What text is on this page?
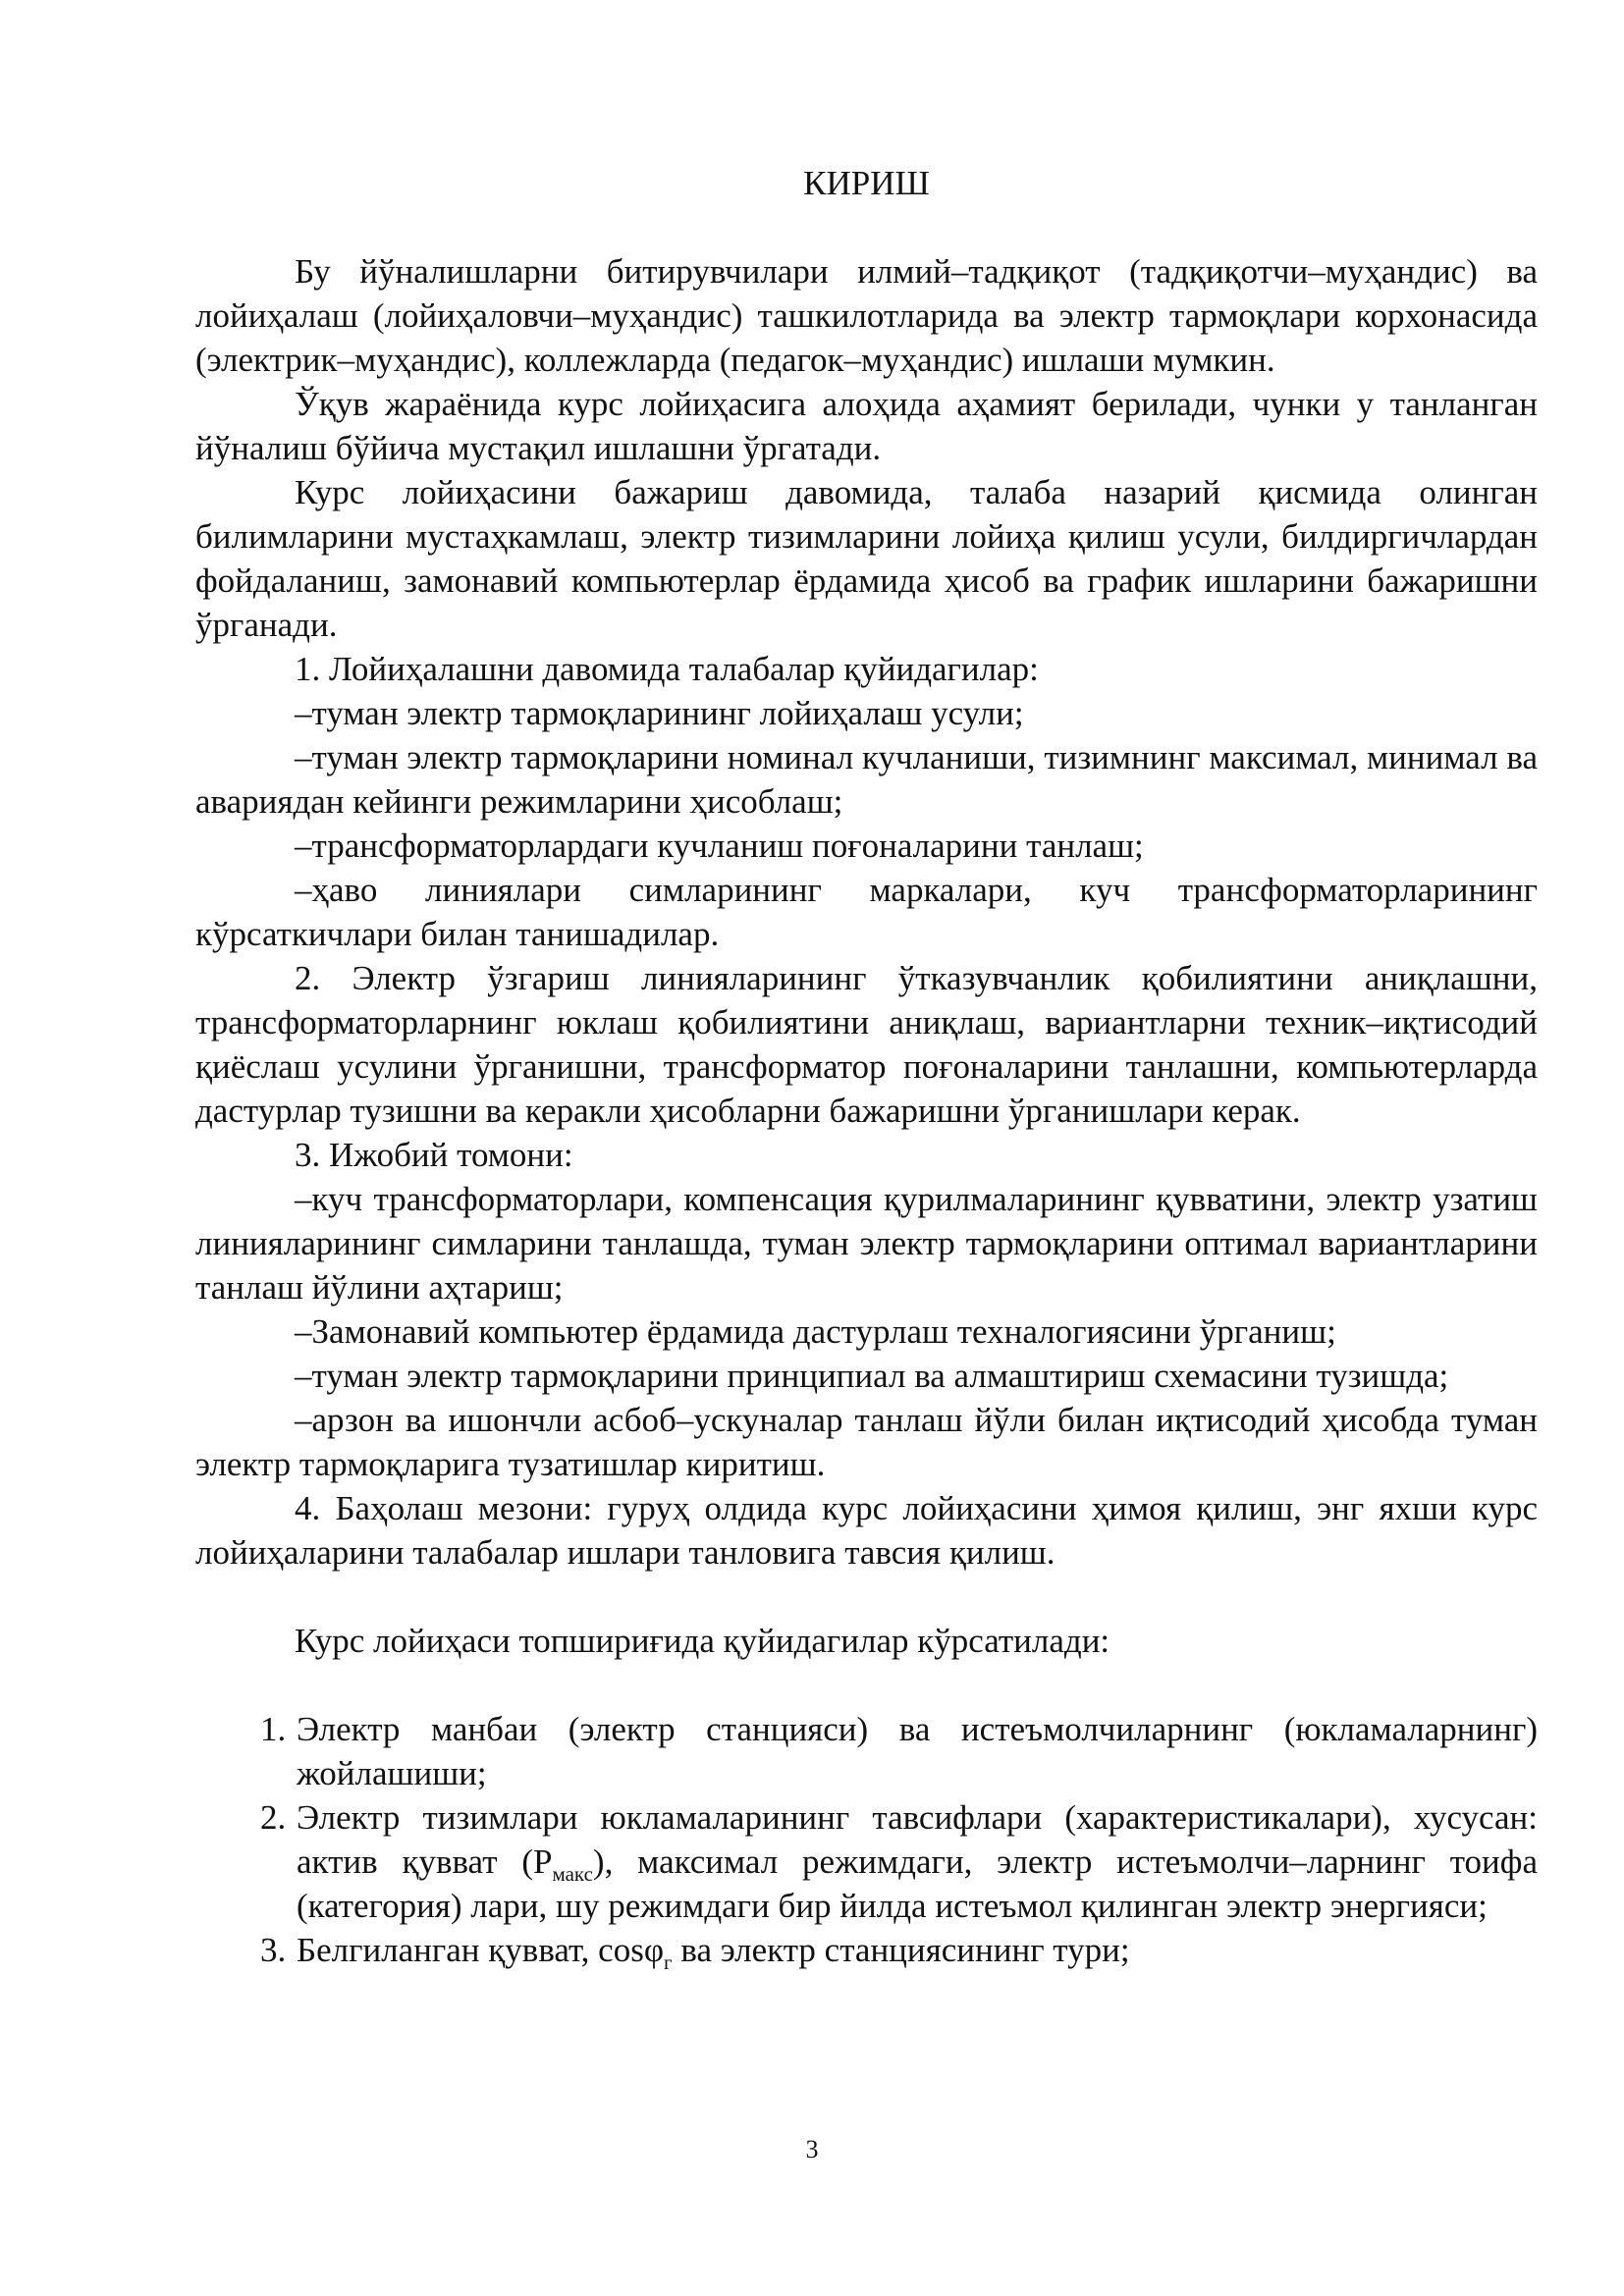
КИРИШ

Бу йўналишларни битирувчилари илмий–тадқиқот (тадқиқотчи–муҳандис) ва лойиҳалаш (лойиҳаловчи–муҳандис) ташкилотларида ва электр тармоқлари корхонасида (электрик–муҳандис), коллежларда (педагок–муҳандис) ишлаши мумкин.

Ўқув жараёнида курс лойиҳасига алоҳида аҳамият берилади, чунки у танланган йўналиш бўйича мустақил ишлашни ўргатади.

Курс лойиҳасини бажариш давомида, талаба назарий қисмида олинган билимларини мустаҳкамлаш, электр тизимларини лойиҳа қилиш усули, билдиргичлардан фойдаланиш, замонавий компьютерлар ёрдамида ҳисоб ва график ишларини бажаришни ўрганади.

1. Лойиҳалашни давомида талабалар қуйидагилар:

–туман электр тармоқларининг лойиҳалаш усули;

–туман электр тармоқларини номинал кучланиши, тизимнинг максимал, минимал ва авариядан кейинги режимларини ҳисоблаш;

–трансформаторлардаги кучланиш поғоналарини танлаш;

–ҳаво линиялари симларининг маркалари, куч трансформаторларининг кўрсаткичлари билан танишадилар.

2. Электр ўзгариш линияларининг ўтказувчанлик қобилиятини аниқлашни, трансформаторларнинг юклаш қобилиятини аниқлаш, вариантларни техник–иқтисодий қиёслаш усулини ўрганишни, трансформатор поғоналарини танлашни, компьютерларда дастурлар тузишни ва керакли ҳисобларни бажаришни ўрганишлари керак.

3. Ижобий томони:

–куч трансформаторлари, компенсация қурилмаларининг қувватини, электр узатиш линияларининг симларини танлашда, туман электр тармоқларини оптимал вариантларини танлаш йўлини аҳтариш;

–Замонавий компьютер ёрдамида дастурлаш техналогиясини ўрганиш;

–туман электр тармоқларини принципиал ва алмаштириш схемасини тузишда;

–арзон ва ишончли асбоб–ускуналар танлаш йўли билан иқтисодий ҳисобда туман электр тармоқларига тузатишлар киритиш.

4. Баҳолаш мезони: гуруҳ олдида курс лойиҳасини ҳимоя қилиш, энг яхши курс лойиҳаларини талабалар ишлари танловига тавсия қилиш.

Курс лойиҳаси топшириғида қуйидагилар кўрсатилади:

1. Электр манбаи (электр станцияси) ва истеъмолчиларнинг (юкламаларнинг) жойлашиши;
2. Электр тизимлари юкламаларининг тавсифлари (характеристикалари), хусусан: актив қувват $(Р_{макс})$, максимал режимдаги, электр истеъмолчи–ларнинг тоифа (категория) лари, шу режимдаги бир йилда истеъмол қилинган электр энергияси;
3. Белгиланган қувват, cosφ$_г$ ва электр станциясининг тури;
3
